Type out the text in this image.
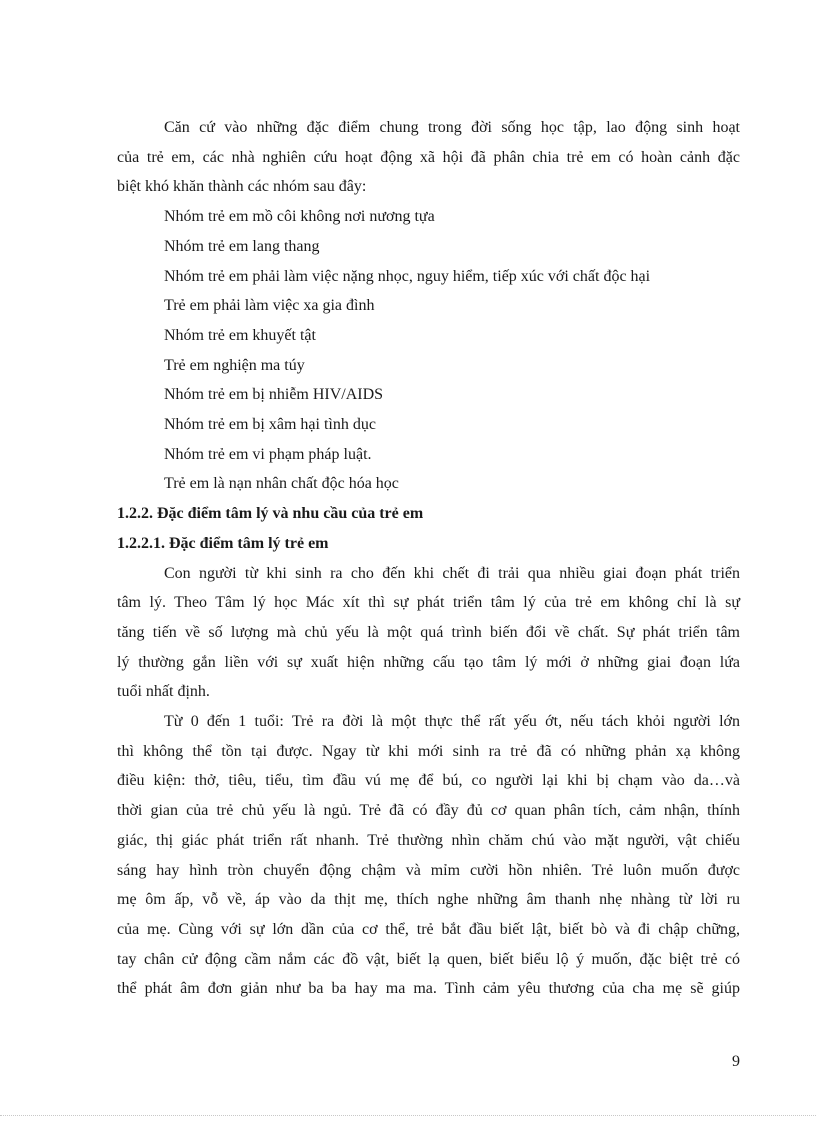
Căn cứ vào những đặc điểm chung trong đời sống học tập, lao động sinh hoạt

của trẻ em, các nhà nghiên cứu hoạt động xã hội đã phân chia trẻ em có hoàn cảnh đặc

biệt khó khăn thành các nhóm sau đây:

Nhóm trẻ em mồ côi không nơi nương tựa

Nhóm trẻ em lang thang

Nhóm trẻ em phải làm việc nặng nhọc, nguy hiểm, tiếp xúc với chất độc hại

Trẻ em phải làm việc xa gia đình

Nhóm trẻ em khuyết tật

Trẻ em nghiện ma túy

Nhóm trẻ em bị nhiễm HIV/AIDS

Nhóm trẻ em bị xâm hại tình dục

Nhóm trẻ em vi phạm pháp luật.

Trẻ em là nạn nhân chất độc hóa học

1.2.2. Đặc điểm tâm lý và nhu cầu của trẻ em

1.2.2.1. Đặc điểm tâm lý trẻ em

Con người từ khi sinh ra cho đến khi chết đi trải qua nhiều giai đoạn phát triển

tâm lý. Theo Tâm lý học Mác xít thì sự phát triển tâm lý của trẻ em không chỉ là sự

tăng tiến về số lượng mà chủ yếu là một quá trình biến đổi về chất. Sự phát triển tâm

lý thường gắn liền với sự xuất hiện những cấu tạo tâm lý mới ở những giai đoạn lứa

tuổi nhất định.

Từ 0 đến 1 tuổi: Trẻ ra đời là một thực thể rất yếu ớt, nếu tách khỏi người lớn

thì không thể tồn tại được. Ngay từ khi mới sinh ra trẻ đã có những phản xạ không

điều kiện: thở, tiêu, tiểu, tìm đầu vú mẹ để bú, co người lại khi bị chạm vào da…và

thời gian của trẻ chủ yếu là ngủ. Trẻ đã có đầy đủ cơ quan phân tích, cảm nhận, thính

giác, thị giác phát triển rất nhanh. Trẻ thường nhìn chăm chú vào mặt người, vật chiếu

sáng hay hình tròn chuyển động chậm và mỉm cười hồn nhiên. Trẻ luôn muốn được

mẹ ôm ấp, vỗ về, áp vào da thịt mẹ, thích nghe những âm thanh nhẹ nhàng từ lời ru

của mẹ. Cùng với sự lớn dần của cơ thể, trẻ bắt đầu biết lật, biết bò và đi chập chững,

tay chân cử động cầm nắm các đồ vật, biết lạ quen, biết biểu lộ ý muốn, đặc biệt trẻ có

thể phát âm đơn giản như ba ba hay ma ma. Tình cảm yêu thương của cha mẹ sẽ giúp

9
